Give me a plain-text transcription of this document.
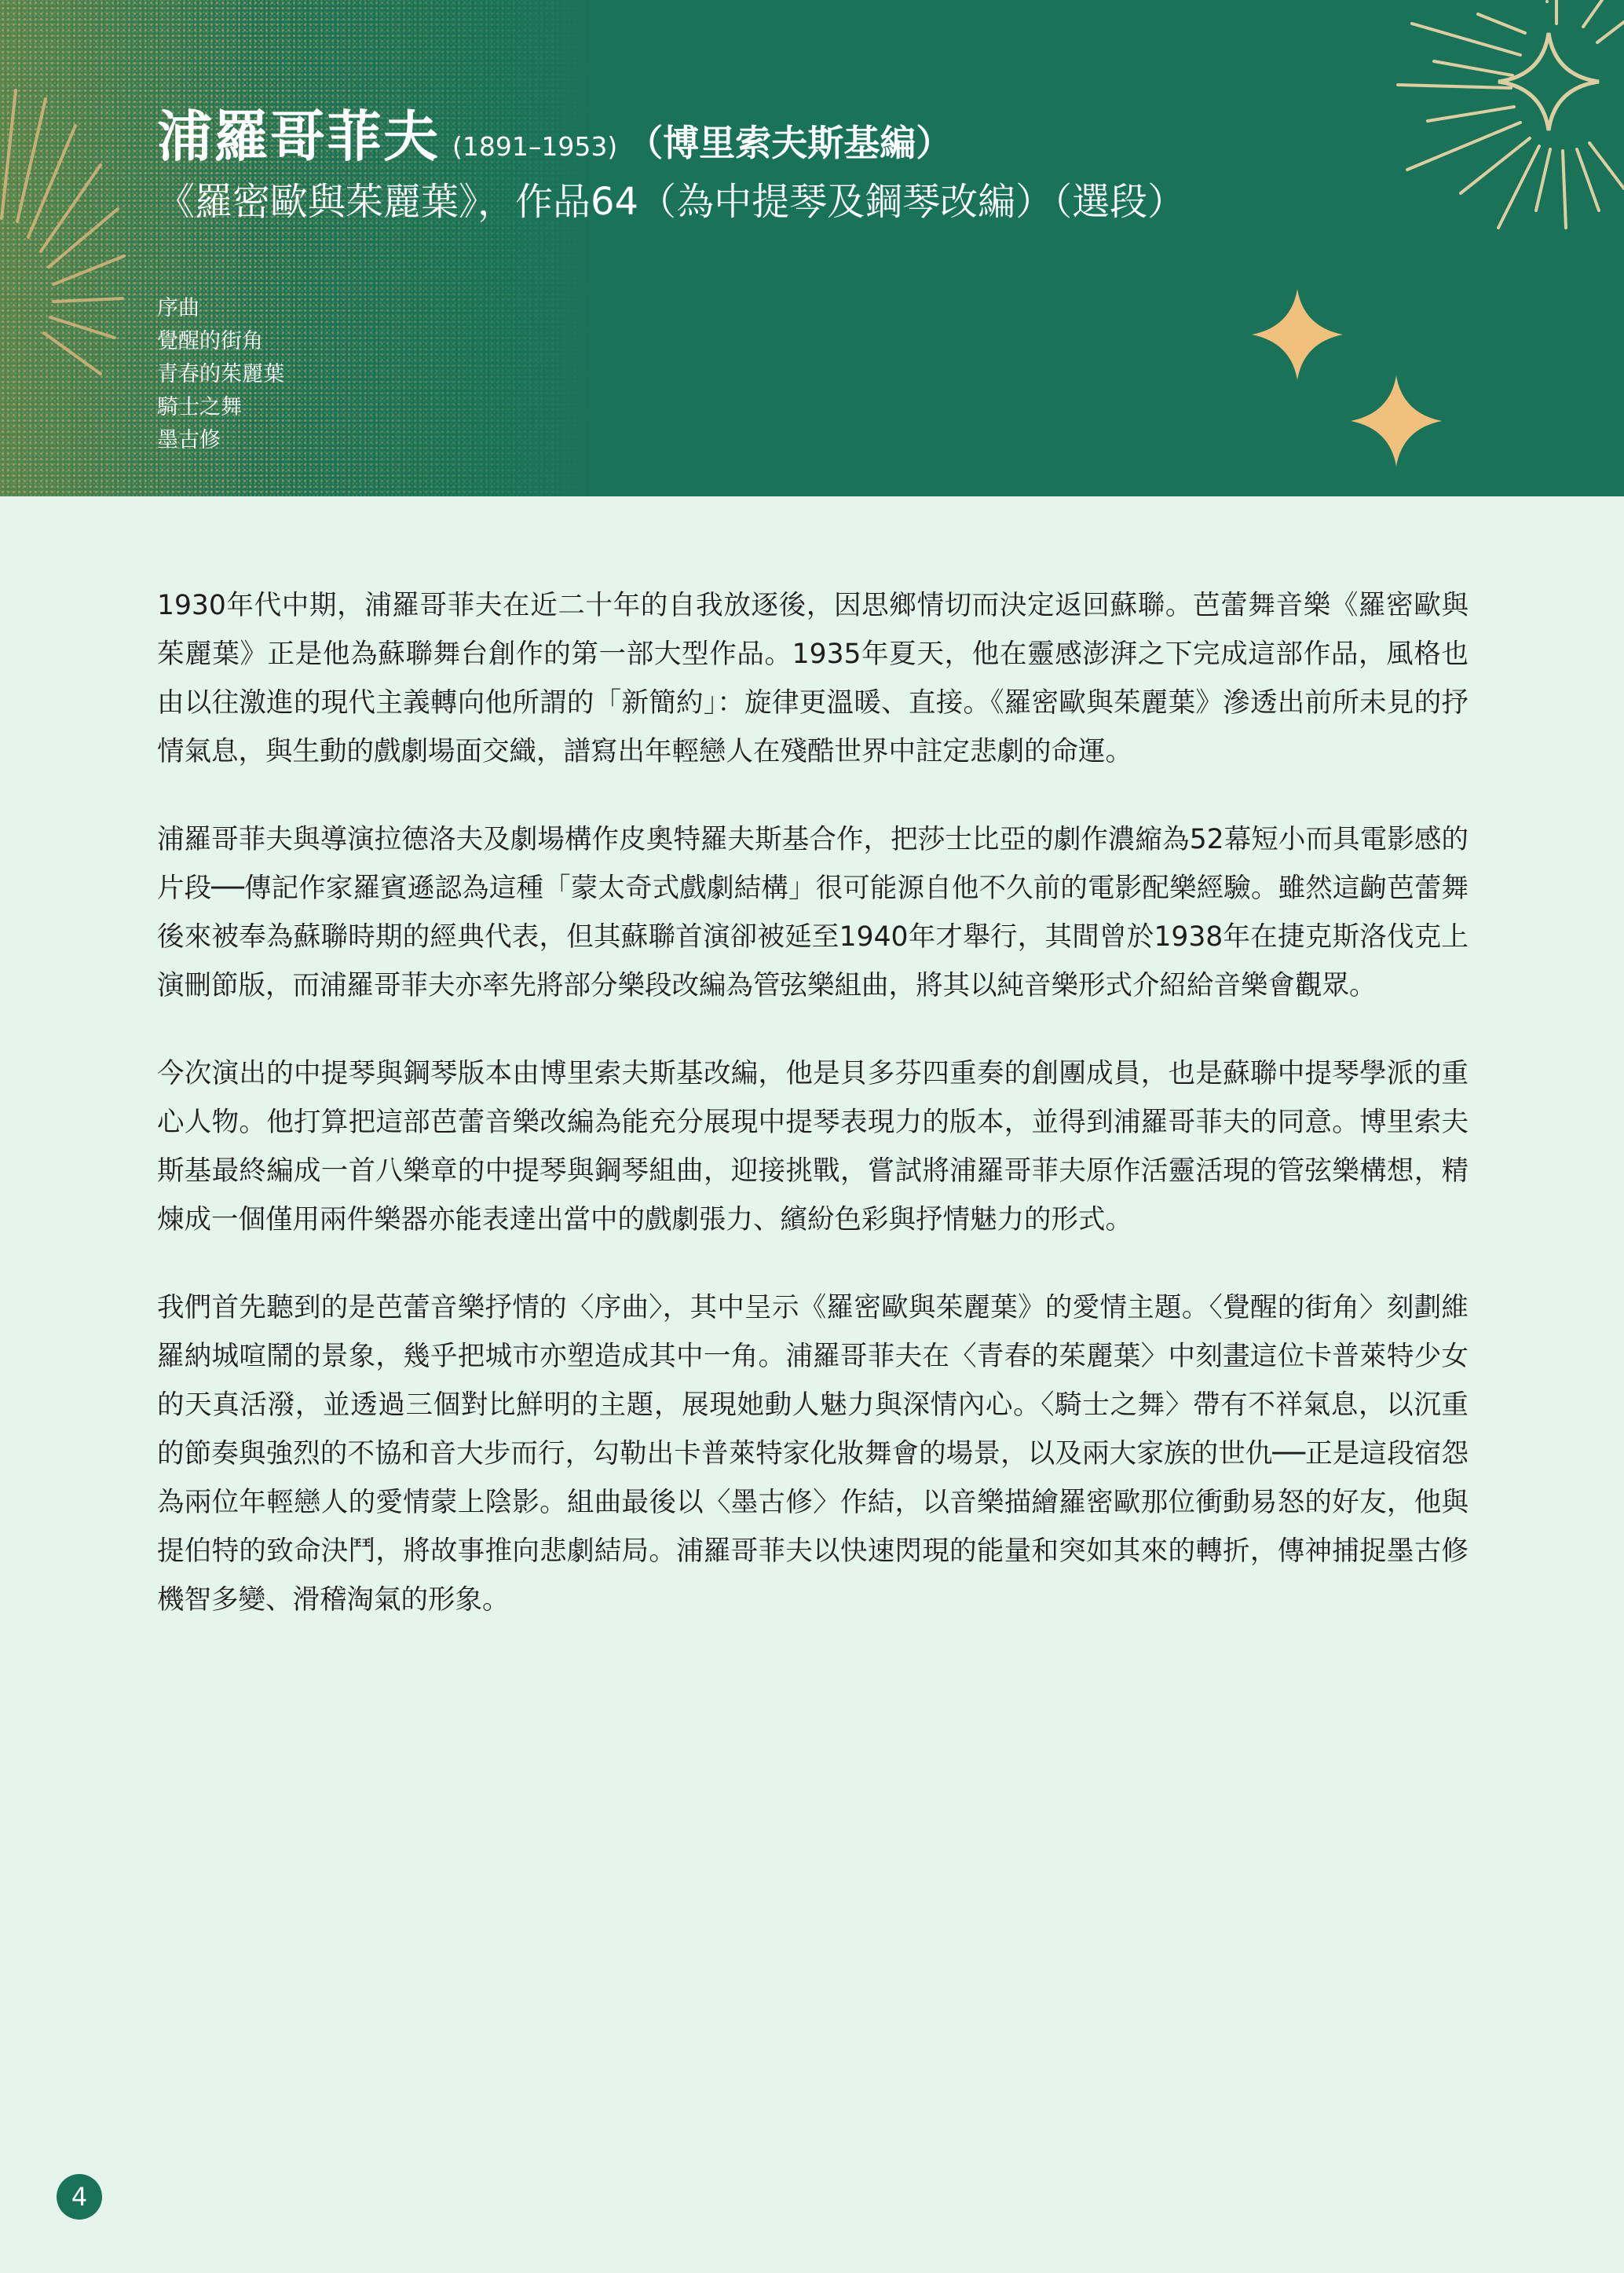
浦羅哥菲夫 (1891–1953) （博里索夫斯基編）
《羅密歐與茱麗葉》，作品64（為中提琴及鋼琴改編）（選段）
序曲
覺醒的街角
青春的茱麗葉
騎士之舞
墨古修

1930年代中期，浦羅哥菲夫在近二十年的自我放逐後，因思鄉情切而決定返回蘇聯。芭蕾舞音樂《羅密歐與茱麗葉》正是他為蘇聯舞台創作的第一部大型作品。1935年夏天，他在靈感澎湃之下完成這部作品，風格也由以往激進的現代主義轉向他所謂的「新簡約」：旋律更溫暖、直接。《羅密歐與茱麗葉》滲透出前所未見的抒情氣息，與生動的戲劇場面交織，譜寫出年輕戀人在殘酷世界中註定悲劇的命運。

浦羅哥菲夫與導演拉德洛夫及劇場構作皮奧特羅夫斯基合作，把莎士比亞的劇作濃縮為52幕短小而具電影感的片段──傳記作家羅賓遜認為這種「蒙太奇式戲劇結構」很可能源自他不久前的電影配樂經驗。雖然這齣芭蕾舞後來被奉為蘇聯時期的經典代表，但其蘇聯首演卻被延至1940年才舉行，其間曾於1938年在捷克斯洛伐克上演刪節版，而浦羅哥菲夫亦率先將部分樂段改編為管弦樂組曲，將其以純音樂形式介紹給音樂會觀眾。

今次演出的中提琴與鋼琴版本由博里索夫斯基改編，他是貝多芬四重奏的創團成員，也是蘇聯中提琴學派的重心人物。他打算把這部芭蕾音樂改編為能充分展現中提琴表現力的版本，並得到浦羅哥菲夫的同意。博里索夫斯基最終編成一首八樂章的中提琴與鋼琴組曲，迎接挑戰，嘗試將浦羅哥菲夫原作活靈活現的管弦樂構想，精煉成一個僅用兩件樂器亦能表達出當中的戲劇張力、繽紛色彩與抒情魅力的形式。

我們首先聽到的是芭蕾音樂抒情的〈序曲〉，其中呈示《羅密歐與茱麗葉》的愛情主題。〈覺醒的街角〉刻劃維羅納城喧鬧的景象，幾乎把城市亦塑造成其中一角。浦羅哥菲夫在〈青春的茱麗葉〉中刻畫這位卡普萊特少女的天真活潑，並透過三個對比鮮明的主題，展現她動人魅力與深情內心。〈騎士之舞〉帶有不祥氣息，以沉重的節奏與強烈的不協和音大步而行，勾勒出卡普萊特家化妝舞會的場景，以及兩大家族的世仇──正是這段宿怨為兩位年輕戀人的愛情蒙上陰影。組曲最後以〈墨古修〉作結，以音樂描繪羅密歐那位衝動易怒的好友，他與提伯特的致命決鬥，將故事推向悲劇結局。浦羅哥菲夫以快速閃現的能量和突如其來的轉折，傳神捕捉墨古修機智多變、滑稽淘氣的形象。

4
